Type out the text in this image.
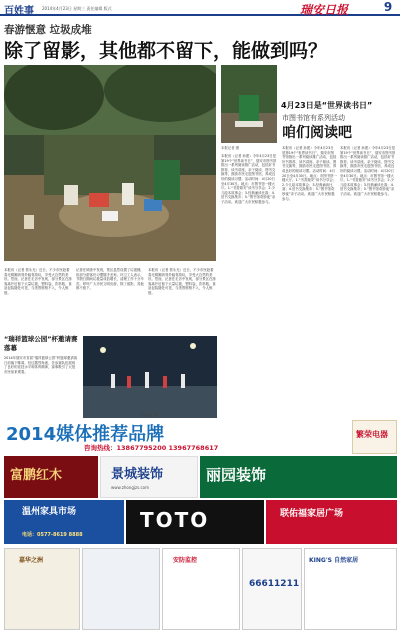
百姓事 2014年4月23日 星期三 责任编辑 版式	瑞安日报	9
春游惬意 垃圾成堆
除了留影，其他都不留下，能做到吗？
本报讯（记者 蔡永光）近日，不少市民趁着春光明媚到郊外踏青游玩，享受大自然的美好。然而，记者在走访中发现，部分景区在游客离开后留下大量垃圾，塑料袋、饮料瓶、食品包装随处可见，与美景格格不入，令人惋惜。
记者在调查中发现，景区虽然设置了垃圾桶，但部分游客仍习惯随手丢弃。环卫工人表示，节假日期间垃圾量成倍增长，清理工作十分辛苦。呼吁广大市民文明出游，除了留影，其他都不留下。
本报讯（记者 蔡永光）近日，不少市民趁着春光明媚到郊外踏青游玩，享受大自然的美好。然而，记者在走访中发现，部分景区在游客离开后留下大量垃圾，塑料袋、饮料瓶、食品包装随处可见，与美景格格不入，令人惋惜。
本报记者 摄
4月23日是“世界读书日”
市图书馆有系列活动
咱们阅读吧
本报讯（记者 孙建）今年4月23日是第19个“世界读书日”，瑞安市图书馆推出一系列阅读推广活动，包括好书推荐、读书讲座、亲子阅读、图书交换等，鼓励市民走进图书馆，养成良好的阅读习惯。活动时间：4月20日至4月30日。地点：市图书馆一楼大厅。1.“书香瑞安”读书分享会；2.少儿绘本故事会；3.经典诵读比赛；4.旧书交换集市；5.“图书馆奇妙夜”亲子活动。欢迎广大市民积极参与。
本报讯（记者 孙建）今年4月23日是第19个“世界读书日”，瑞安市图书馆推出一系列阅读推广活动，包括好书推荐、读书讲座、亲子阅读、图书交换等，鼓励市民走进图书馆，养成良好的阅读习惯。活动时间：4月20日至4月30日。地点：市图书馆一楼大厅。1.“书香瑞安”读书分享会；2.少儿绘本故事会；3.经典诵读比赛；4.旧书交换集市；5.“图书馆奇妙夜”亲子活动。欢迎广大市民积极参与。
本报讯（记者 孙建）今年4月23日是第19个“世界读书日”，瑞安市图书馆推出一系列阅读推广活动，包括好书推荐、读书讲座、亲子阅读、图书交换等，鼓励市民走进图书馆，养成良好的阅读习惯。活动时间：4月20日至4月30日。地点：市图书馆一楼大厅。1.“书香瑞安”读书分享会；2.少儿绘本故事会；3.经典诵读比赛；4.旧书交换集市；5.“图书馆奇妙夜”亲子活动。欢迎广大市民积极参与。
“瑞祥篮球公园”杯邀请赛落幕
2014年瑞安市首届“瑞祥篮球公园”杯篮球邀请赛日前落下帷幕，经过激烈角逐，各参赛队伍展现了良好的竞技水平和体育精神，赛事吸引了大批市民前来观看。
本报记者 摄
2014媒体推荐品牌
咨询热线：13867795200 13967768617
繁荣电器
富鹏红木	景城装饰
www.zhongjzs.com
丽园装饰
温州家具市场
电话：0577-8619 8888
TOTO	联佑福家居广场
嘉华之洲	安防监控
66611211
KING'S 自然家居
